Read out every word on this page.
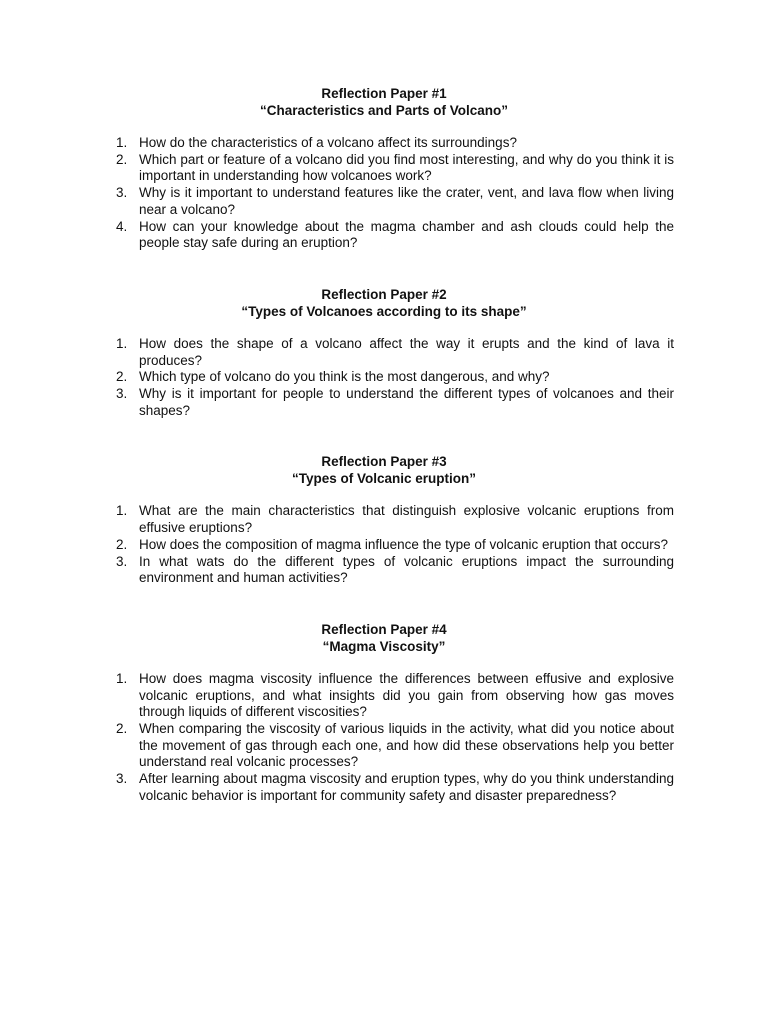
Reflection Paper #1
“Characteristics and Parts of Volcano”
1. How do the characteristics of a volcano affect its surroundings?
2. Which part or feature of a volcano did you find most interesting, and why do you think it is important in understanding how volcanoes work?
3. Why is it important to understand features like the crater, vent, and lava flow when living near a volcano?
4. How can your knowledge about the magma chamber and ash clouds could help the people stay safe during an eruption?
Reflection Paper #2
“Types of Volcanoes according to its shape”
1. How does the shape of a volcano affect the way it erupts and the kind of lava it produces?
2. Which type of volcano do you think is the most dangerous, and why?
3. Why is it important for people to understand the different types of volcanoes and their shapes?
Reflection Paper #3
“Types of Volcanic eruption”
1. What are the main characteristics that distinguish explosive volcanic eruptions from effusive eruptions?
2. How does the composition of magma influence the type of volcanic eruption that occurs?
3. In what wats do the different types of volcanic eruptions impact the surrounding environment and human activities?
Reflection Paper #4
“Magma Viscosity”
1. How does magma viscosity influence the differences between effusive and explosive volcanic eruptions, and what insights did you gain from observing how gas moves through liquids of different viscosities?
2. When comparing the viscosity of various liquids in the activity, what did you notice about the movement of gas through each one, and how did these observations help you better understand real volcanic processes?
3. After learning about magma viscosity and eruption types, why do you think understanding volcanic behavior is important for community safety and disaster preparedness?
